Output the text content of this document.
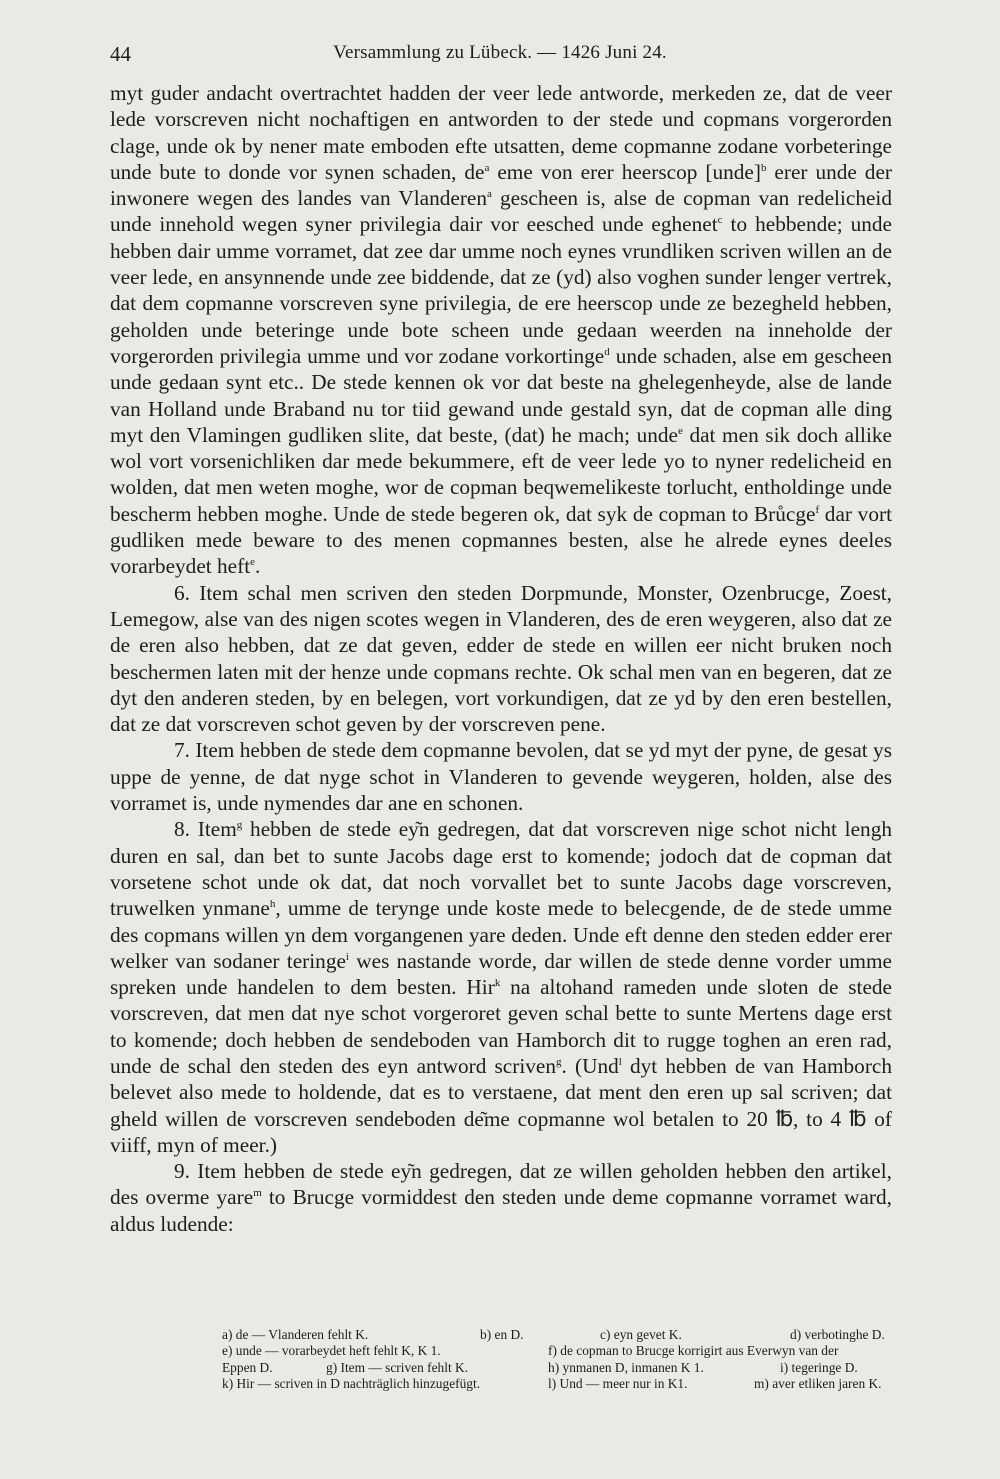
44	Versammlung zu Lübeck. — 1426 Juni 24.

myt guder andacht overtrachtet hadden der veer lede antworde, merkeden ze, dat de veer lede vorscreven nicht nochaftigen en antworden to der stede und copmans vorgerorden clage, unde ok by nener mate emboden efte utsatten, deme copmanne zodane vorbeteringe unde bute to donde vor synen schaden, $de^a$ eme von erer heerscop [unde]$^b$ erer unde der inwonere wegen des landes van Vlanderen$^a$ gescheen is, alse de copman van redelicheid unde innehold wegen syner privilegia dair vor eesched unde eghenet$^c$ to hebbende; unde hebben dair umme vorramet, dat zee dar umme noch eynes vrundliken scriven willen an de veer lede, en ansynnende unde zee biddende, dat ze (yd) also voghen sunder lenger vertrek, dat dem copmanne vorscreven syne privilegia, de ere heerscop unde ze bezegheld hebben, geholden unde beteringe unde bote scheen unde gedaan weerden na inneholde der vorgerorden privilegia umme und vor zodane vorkortinge$^d$ unde schaden, alse em gescheen unde gedaan synt etc.. De stede kennen ok vor dat beste na ghelegenheyde, alse de lande van Holland unde Braband nu tor tiid gewand unde gestald syn, dat de copman alle ding myt den Vlamingen gudliken slite, dat beste, (dat) he mach; unde$^e$ dat men sik doch allike wol vort vorsenichliken dar mede bekummere, eft de veer lede yo to nyner redelicheid en wolden, dat men weten moghe, wor de copman beqwemelikeste torlucht, entholdinge unde bescherm hebben moghe. Unde de stede begeren ok, dat syk de copman to Brůcge$^f$ dar vort gudliken mede beware to des menen copmannes besten, alse he alrede eynes deeles vorarbeydet heft$^e$.

6. Item schal men scriven den steden Dorpmunde, Monster, Ozenbrucge, Zoest, Lemegow, alse van des nigen scotes wegen in Vlanderen, des de eren weygeren, also dat ze de eren also hebben, dat ze dat geven, edder de stede en willen eer nicht bruken noch beschermen laten mit der henze unde copmans rechte. Ok schal men van en begeren, dat ze dyt den anderen steden, by en belegen, vort vorkundigen, dat ze yd by den eren bestellen, dat ze dat vorscreven schot geven by der vorscreven pene.

7. Item hebben de stede dem copmanne bevolen, dat se yd myt der pyne, de gesat ys uppe de yenne, de dat nyge schot in Vlanderen to gevende weygeren, holden, alse des vorramet is, unde nymendes dar ane en schonen.

8. Item$^g$ hebben de stede ey͂n gedregen, dat dat vorscreven nige schot nicht lengh duren en sal, dan bet to sunte Jacobs dage erst to komende; jodoch dat de copman dat vorsetene schot unde ok dat, dat noch vorvallet bet to sunte Jacobs dage vorscreven, truwelken ynmane$^h$, umme de terynge unde koste mede to belecgende, de de stede umme des copmans willen yn dem vorgangenen yare deden. Unde eft denne den steden edder erer welker van sodaner teringe$^i$ wes nastande worde, dar willen de stede denne vorder umme spreken unde handelen to dem besten. Hir$^k$ na altohand rameden unde sloten de stede vorscreven, dat men dat nye schot vorgeroret geven schal bette to sunte Mertens dage erst to komende; doch hebben de sendeboden van Hamborch dit to rugge toghen an eren rad, unde de schal den steden des eyn antword scriven$^g$. (Und$^l$ dyt hebben de van Hamborch belevet also mede to holdende, dat es to verstaene, dat ment den eren up sal scriven; dat gheld willen de vorscreven sendeboden de͂me copmanne wol betalen to 20 ℔, to 4 ℔ of viiff, myn of meer.)

9. Item hebben de stede ey͂n gedregen, dat ze willen geholden hebben den artikel, des overme yare$^m$ to Brucge vormiddest den steden unde deme copmanne vorramet ward, aldus ludende:

a) de — Vlanderen fehlt K.	b) en D.	c) eyn gevet K.	d) verbotinghe D.
e) unde — vorarbeydet heft fehlt K, K 1.	f) de copman to Brucge korrigirt aus Everwyn van der
Eppen D.	g) Item — scriven fehlt K.	h) ynmanen D, inmanen K 1.	i) tegeringe D.
k) Hir — scriven in D nachträglich hinzugefügt.	l) Und — meer nur in K1.	m) aver etliken jaren K.
